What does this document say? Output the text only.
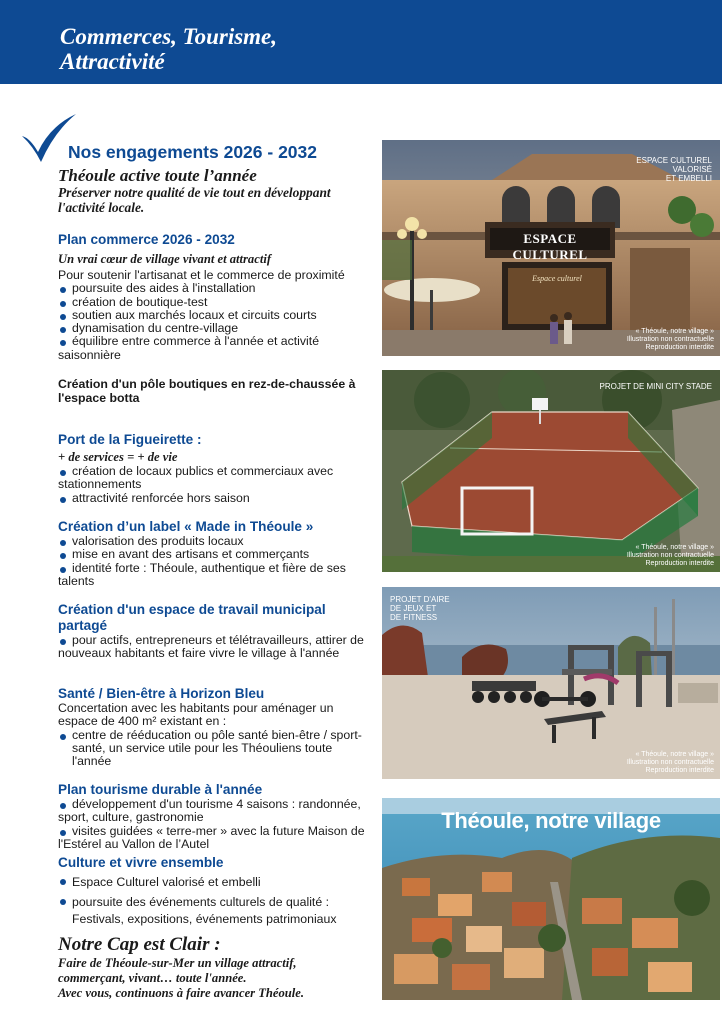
Commerces, Tourisme,
Attractivité
Nos engagements 2026 - 2032
Théoule active toute l’année
Préserver notre qualité de vie tout en développant l'activité locale.
Plan commerce 2026 - 2032
Un vrai cœur de village vivant et attractif
Pour soutenir l'artisanat et le commerce de proximité
poursuite des aides à l'installation
création de boutique-test
soutien aux marchés locaux et circuits courts
dynamisation du centre-village
équilibre entre commerce à l'année et activité saisonnière
Création d'un pôle boutiques en rez-de-chaussée à l'espace botta
Port de la Figueirette :
+ de services = + de vie
création de locaux publics et commerciaux avec stationnements
attractivité renforcée hors saison
Création d’un label « Made in Théoule »
valorisation des produits locaux
mise en avant des artisans et commerçants
identité forte : Théoule, authentique et fière de ses talents
Création d'un espace de travail municipal partagé
pour actifs, entrepreneurs et télétravailleurs, attirer de nouveaux habitants et faire vivre le village à l'année
Santé / Bien-être à Horizon Bleu
Concertation avec les habitants pour aménager un espace de 400 m² existant en :
centre de rééducation ou pôle santé bien-être / sport-santé, un service utile pour les Théouliens toute l'année
Plan tourisme durable à l'année
développement d'un tourisme 4 saisons : randonnée, sport, culture, gastronomie
visites guidées « terre-mer » avec la future Maison de l'Estérel au Vallon de l’Autel
Culture et vivre ensemble
Espace Culturel valorisé et embelli
poursuite des événements culturels de qualité : Festivals, expositions, événements patrimoniaux
Notre Cap est Clair :
Faire de Théoule-sur-Mer un village attractif,
commerçant, vivant… toute l'année.
Avec vous, continuons à faire avancer Théoule.
ESPACE CULTUREL
Espace culturel
ESPACE CULTUREL
VALORISÉ
ET EMBELLI
« Théoule, notre village »
Illustration non contractuelle
Reproduction interdite
PROJET DE MINI CITY STADE
« Théoule, notre village »
Illustration non contractuelle
Reproduction interdite
PROJET D'AIRE
DE JEUX ET
DE FITNESS
« Théoule, notre village »
Illustration non contractuelle
Reproduction interdite
Théoule, notre village
